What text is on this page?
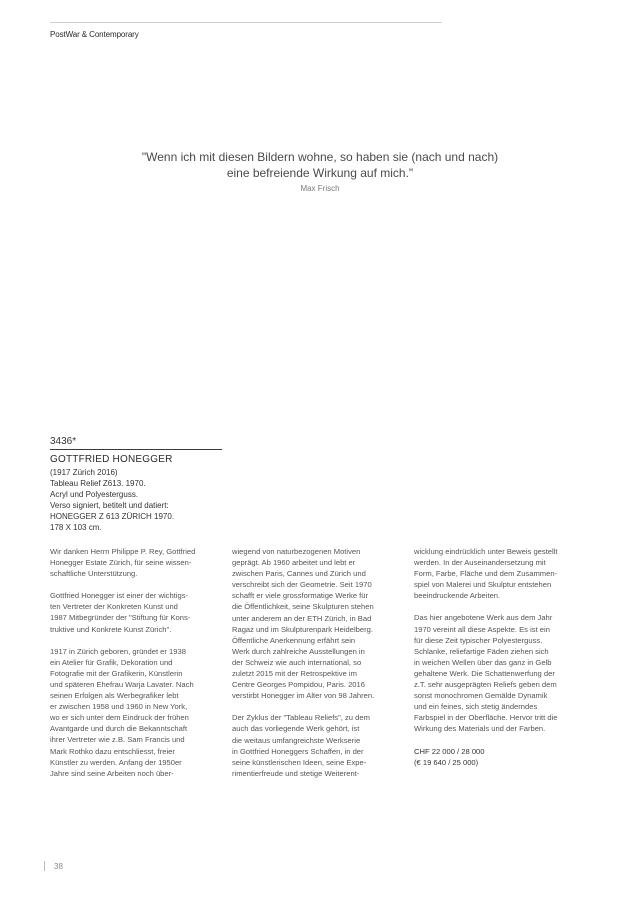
PostWar & Contemporary
"Wenn ich mit diesen Bildern wohne, so haben sie (nach und nach)
eine befreiende Wirkung auf mich."
Max Frisch
3436*
GOTTFRIED HONEGGER
(1917 Zürich 2016)
Tableau Relief Z613. 1970.
Acryl und Polyesterguss.
Verso signiert, betitelt und datiert:
HONEGGER Z 613 ZÜRICH 1970.
178 X 103 cm.

Wir danken Herrn Philippe P. Rey, Gottfried
Honegger Estate Zürich, für seine wissen-
schaftliche Unterstützung.

Gottfried Honegger ist einer der wichtigs-
ten Vertreter der Konkreten Kunst und
1987 Mitbegründer der "Stiftung für Kons-
truktive und Konkrete Kunst Zürich".

1917 in Zürich geboren, gründet er 1938
ein Atelier für Grafik, Dekoration und
Fotografie mit der Grafikerin, Künstlerin
und späteren Ehefrau Warja Lavater. Nach
seinen Erfolgen als Werbegrafiker lebt
er zwischen 1958 und 1960 in New York,
wo er sich unter dem Eindruck der frühen
Avantgarde und durch die Bekanntschaft
ihrer Vertreter wie z.B. Sam Francis und
Mark Rothko dazu entschliesst, freier
Künstler zu werden. Anfang der 1950er
Jahre sind seine Arbeiten noch über-

wiegend von naturbezogenen Motiven
geprägt. Ab 1960 arbeitet und lebt er
zwischen Paris, Cannes und Zürich und
verschreibt sich der Geometrie. Seit 1970
schafft er viele grossformatige Werke für
die Öffentlichkeit, seine Skulpturen stehen
unter anderem an der ETH Zürich, in Bad
Ragaz und im Skulpturenpark Heidelberg.
Öffentliche Anerkennung erfährt sein
Werk durch zahlreiche Ausstellungen in
der Schweiz wie auch international, so
zuletzt 2015 mit der Retrospektive im
Centre Georges Pompidou, Paris. 2016
verstirbt Honegger im Alter von 98 Jahren.

Der Zyklus der "Tableau Reliefs", zu dem
auch das vorliegende Werk gehört, ist
die weitaus umfangreichste Werkserie
in Gottfried Honeggers Schaffen, in der
seine künstlerischen Ideen, seine Expe-
rimentierfreude und stetige Weiterent-

wicklung eindrücklich unter Beweis gestellt
werden. In der Auseinandersetzung mit
Form, Farbe, Fläche und dem Zusammen-
spiel von Malerei und Skulptur entstehen
beeindruckende Arbeiten.

Das hier angebotene Werk aus dem Jahr
1970 vereint all diese Aspekte. Es ist ein
für diese Zeit typischer Polyesterguss.
Schlanke, reliefartige Fäden ziehen sich
in weichen Wellen über das ganz in Gelb
gehaltene Werk. Die Schattenwerfung der
z.T. sehr ausgeprägten Reliefs geben dem
sonst monochromen Gemälde Dynamik
und ein feines, sich stetig änderndes
Farbspiel in der Oberfläche. Hervor tritt die
Wirkung des Materials und der Farben.

CHF 22 000 / 28 000
(€ 19 640 / 25 000)

38
